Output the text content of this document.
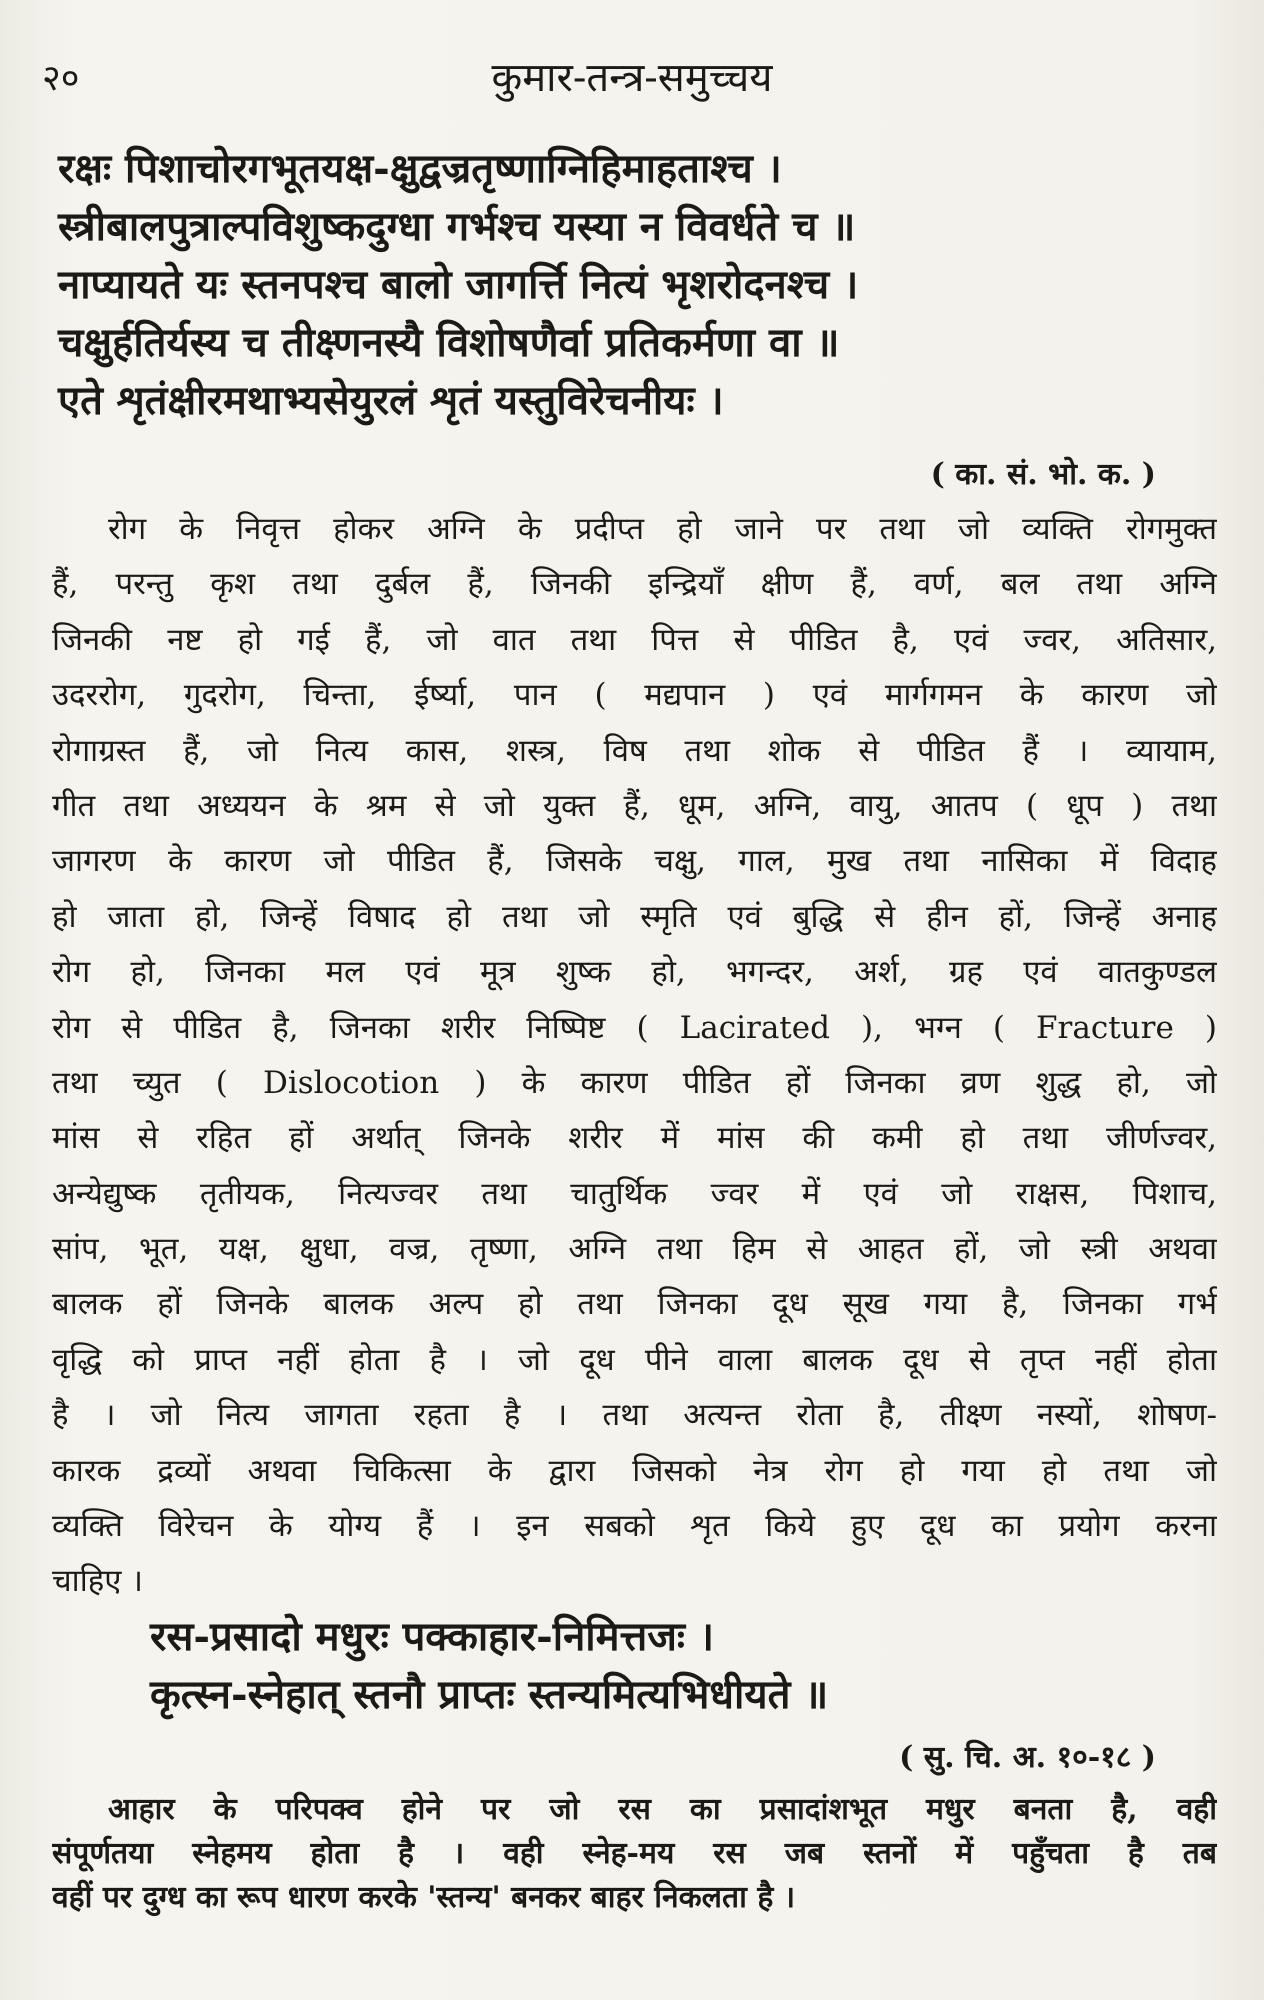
२०	कुमार-तन्त्र-समुच्चय
रक्षः पिशाचोरगभूतयक्ष-क्षुद्वज्रतृष्णाग्निहिमाहताश्च ।
स्त्रीबालपुत्राल्पविशुष्कदुग्धा गर्भश्च यस्या न विवर्धते च ॥
नाप्यायते यः स्तनपश्च बालो जागर्त्ति नित्यं भृशरोदनश्च ।
चक्षुर्हतिर्यस्य च तीक्ष्णनस्यै विशोषणैर्वा प्रतिकर्मणा वा ॥
एते शृतंक्षीरमथाभ्यसेयुरलं शृतं यस्तुविरेचनीयः ।
( का. सं. भो. क. )
रोग के निवृत्त होकर अग्नि के प्रदीप्त हो जाने पर तथा जो व्यक्ति रोगमुक्त
हैं, परन्तु कृश तथा दुर्बल हैं, जिनकी इन्द्रियाँ क्षीण हैं, वर्ण, बल तथा अग्नि
जिनकी नष्ट हो गई हैं, जो वात तथा पित्त से पीडित है, एवं ज्वर, अतिसार,
उदररोग, गुदरोग, चिन्ता, ईर्ष्या, पान ( मद्यपान ) एवं मार्गगमन के कारण जो
रोगाग्रस्त हैं, जो नित्य कास, शस्त्र, विष तथा शोक से पीडित हैं । व्यायाम,
गीत तथा अध्ययन के श्रम से जो युक्त हैं, धूम, अग्नि, वायु, आतप ( धूप ) तथा
जागरण के कारण जो पीडित हैं, जिसके चक्षु, गाल, मुख तथा नासिका में विदाह
हो जाता हो, जिन्हें विषाद हो तथा जो स्मृति एवं बुद्धि से हीन हों, जिन्हें अनाह
रोग हो, जिनका मल एवं मूत्र शुष्क हो, भगन्दर, अर्श, ग्रह एवं वातकुण्डल
रोग से पीडित है, जिनका शरीर निष्पिष्ट ( Lacirated ), भग्न ( Fracture )
तथा च्युत ( Dislocotion ) के कारण पीडित हों जिनका व्रण शुद्ध हो, जो
मांस से रहित हों अर्थात् जिनके शरीर में मांस की कमी हो तथा जीर्णज्वर,
अन्येद्युष्क तृतीयक, नित्यज्वर तथा चातुर्थिक ज्वर में एवं जो राक्षस, पिशाच,
सांप, भूत, यक्ष, क्षुधा, वज्र, तृष्णा, अग्नि तथा हिम से आहत हों, जो स्त्री अथवा
बालक हों जिनके बालक अल्प हो तथा जिनका दूध सूख गया है, जिनका गर्भ
वृद्धि को प्राप्त नहीं होता है । जो दूध पीने वाला बालक दूध से तृप्त नहीं होता
है । जो नित्य जागता रहता है । तथा अत्यन्त रोता है, तीक्ष्ण नस्यों, शोषण-
कारक द्रव्यों अथवा चिकित्सा के द्वारा जिसको नेत्र रोग हो गया हो तथा जो
व्यक्ति विरेचन के योग्य हैं । इन सबको शृत किये हुए दूध का प्रयोग करना
चाहिए ।
रस-प्रसादो मधुरः पक्काहार-निमित्तजः ।
कृत्स्न-स्नेहात् स्तनौ प्राप्तः स्तन्यमित्यभिधीयते ॥
( सु. चि. अ. १०-१८ )
आहार के परिपक्व होने पर जो रस का प्रसादांशभूत मधुर बनता है, वही
संपूर्णतया स्नेहमय होता है । वही स्नेह-मय रस जब स्तनों में पहुँचता है तब
वहीं पर दुग्ध का रूप धारण करके 'स्तन्य' बनकर बाहर निकलता है ।
